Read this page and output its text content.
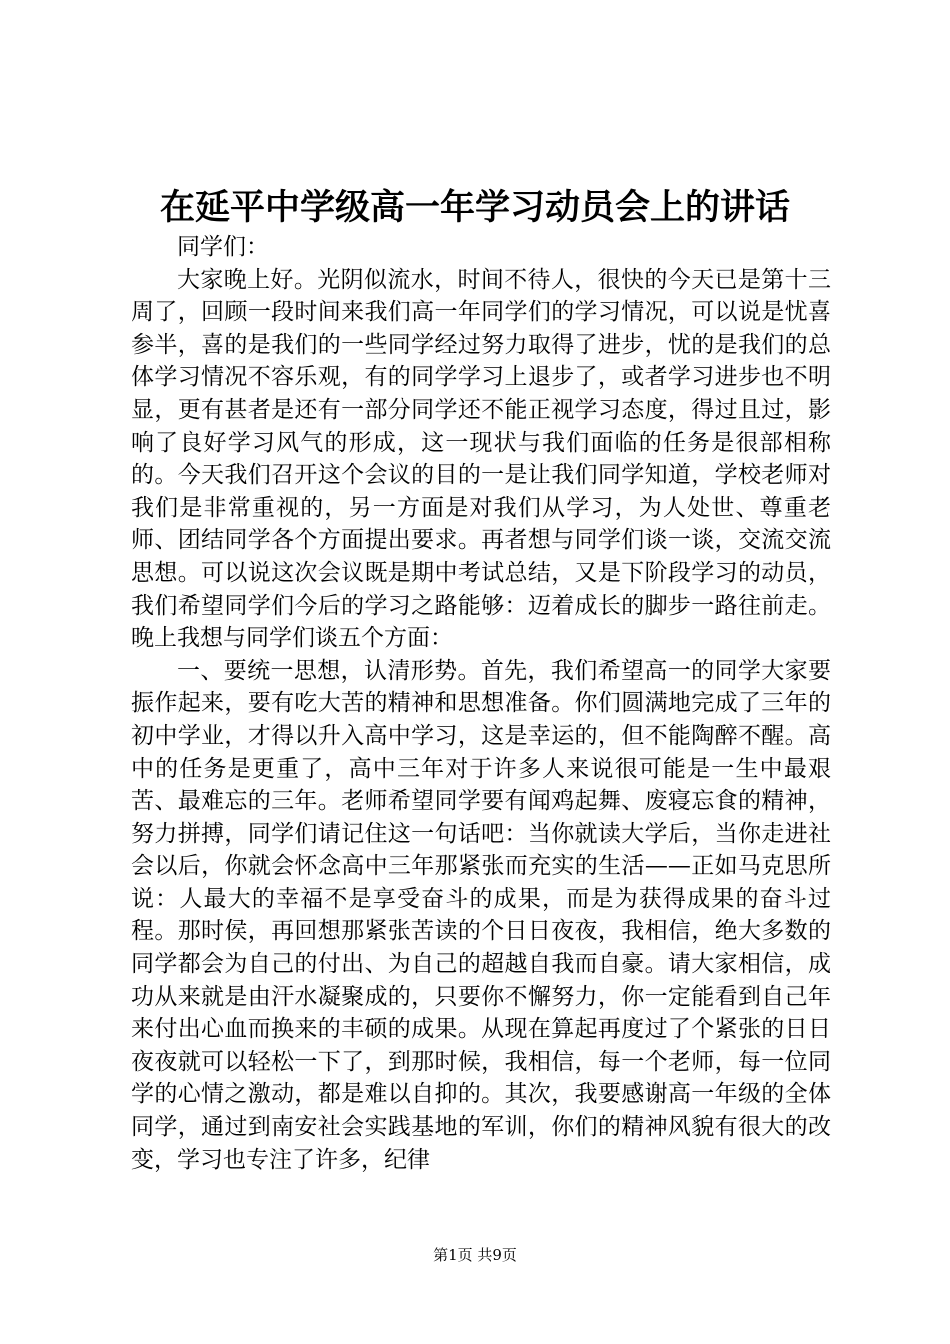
在延平中学级高一年学习动员会上的讲话

同学们：

大家晚上好。光阴似流水，时间不待人，很快的今天已是第十三周了，回顾一段时间来我们高一年同学们的学习情况，可以说是忧喜参半，喜的是我们的一些同学经过努力取得了进步，忧的是我们的总体学习情况不容乐观，有的同学学习上退步了，或者学习进步也不明显，更有甚者是还有一部分同学还不能正视学习态度，得过且过，影响了良好学习风气的形成，这一现状与我们面临的任务是很部相称的。今天我们召开这个会议的目的一是让我们同学知道，学校老师对我们是非常重视的，另一方面是对我们从学习，为人处世、尊重老师、团结同学各个方面提出要求。再者想与同学们谈一谈，交流交流思想。可以说这次会议既是期中考试总结，又是下阶段学习的动员，我们希望同学们今后的学习之路能够：迈着成长的脚步一路往前走。晚上我想与同学们谈五个方面：

一、要统一思想，认清形势。首先，我们希望高一的同学大家要振作起来，要有吃大苦的精神和思想准备。你们圆满地完成了三年的初中学业，才得以升入高中学习，这是幸运的，但不能陶醉不醒。高中的任务是更重了，高中三年对于许多人来说很可能是一生中最艰苦、最难忘的三年。老师希望同学要有闻鸡起舞、废寝忘食的精神，努力拼搏，同学们请记住这一句话吧：当你就读大学后，当你走进社会以后，你就会怀念高中三年那紧张而充实的生活——正如马克思所说：人最大的幸福不是享受奋斗的成果，而是为获得成果的奋斗过程。那时侯，再回想那紧张苦读的个日日夜夜，我相信，绝大多数的同学都会为自己的付出、为自己的超越自我而自豪。请大家相信，成功从来就是由汗水凝聚成的，只要你不懈努力，你一定能看到自己年来付出心血而换来的丰硕的成果。从现在算起再度过了个紧张的日日夜夜就可以轻松一下了，到那时候，我相信，每一个老师，每一位同学的心情之激动，都是难以自抑的。其次，我要感谢高一年级的全体同学，通过到南安社会实践基地的军训，你们的精神风貌有很大的改变，学习也专注了许多，纪律

第1页 共9页
